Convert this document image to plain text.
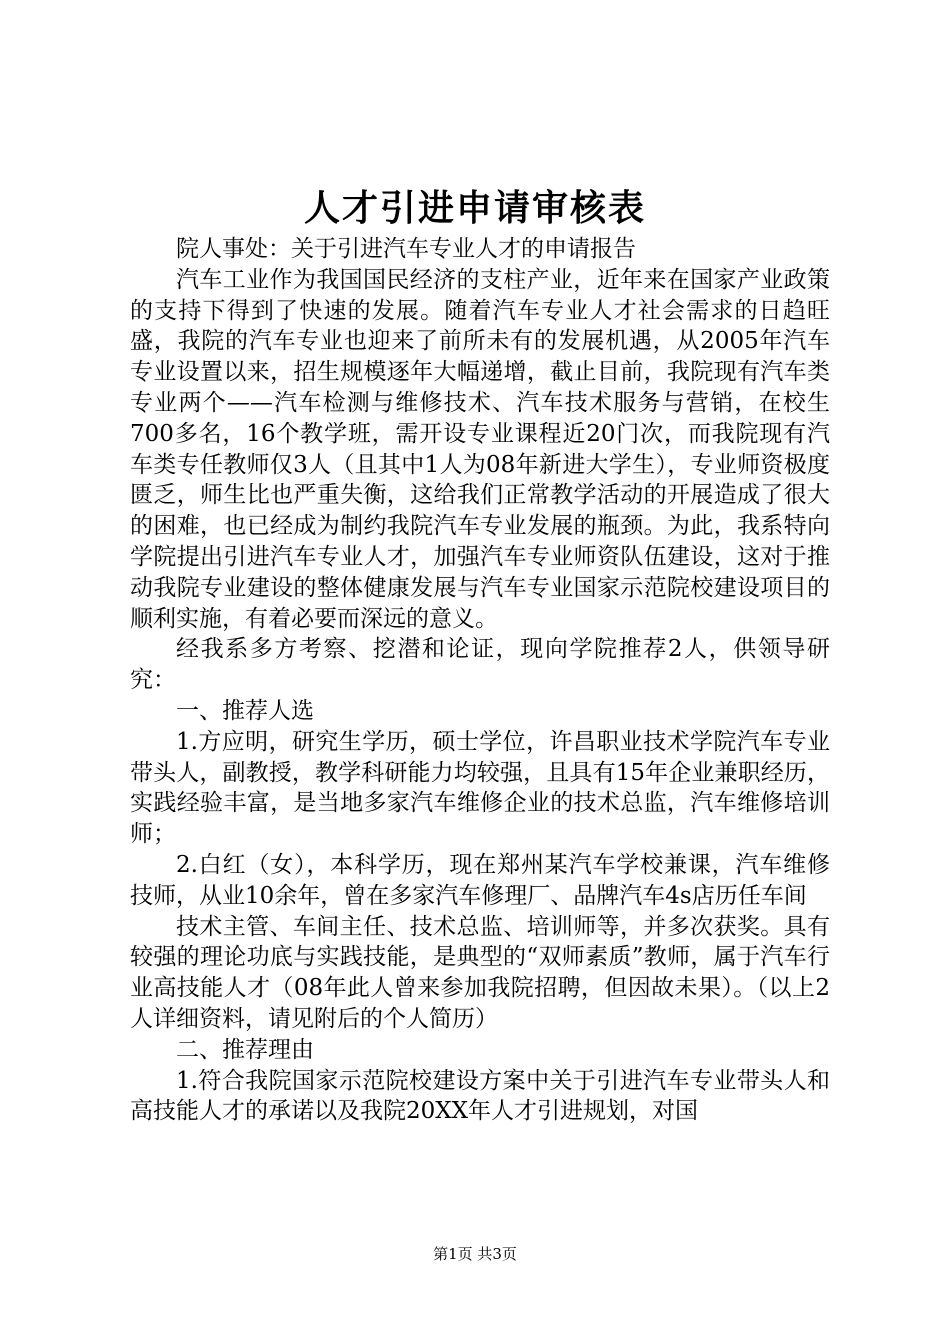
人才引进申请审核表

院人事处：关于引进汽车专业人才的申请报告

汽车工业作为我国国民经济的支柱产业，近年来在国家产业政策的支持下得到了快速的发展。随着汽车专业人才社会需求的日趋旺盛，我院的汽车专业也迎来了前所未有的发展机遇，从2005年汽车专业设置以来，招生规模逐年大幅递增，截止目前，我院现有汽车类专业两个——汽车检测与维修技术、汽车技术服务与营销，在校生700多名，16个教学班，需开设专业课程近20门次，而我院现有汽车类专任教师仅3人（且其中1人为08年新进大学生），专业师资极度匮乏，师生比也严重失衡，这给我们正常教学活动的开展造成了很大的困难，也已经成为制约我院汽车专业发展的瓶颈。为此，我系特向学院提出引进汽车专业人才，加强汽车专业师资队伍建设，这对于推动我院专业建设的整体健康发展与汽车专业国家示范院校建设项目的顺利实施，有着必要而深远的意义。

经我系多方考察、挖潜和论证，现向学院推荐2人，供领导研究：

一、推荐人选

1.方应明，研究生学历，硕士学位，许昌职业技术学院汽车专业带头人，副教授，教学科研能力均较强，且具有15年企业兼职经历，实践经验丰富，是当地多家汽车维修企业的技术总监，汽车维修培训师；

2.白红（女），本科学历，现在郑州某汽车学校兼课，汽车维修技师，从业10余年，曾在多家汽车修理厂、品牌汽车4s店历任车间

技术主管、车间主任、技术总监、培训师等，并多次获奖。具有较强的理论功底与实践技能，是典型的“双师素质”教师，属于汽车行业高技能人才（08年此人曾来参加我院招聘，但因故未果）。（以上2人详细资料，请见附后的个人简历）

二、推荐理由

1.符合我院国家示范院校建设方案中关于引进汽车专业带头人和高技能人才的承诺以及我院20XX年人才引进规划，对国

第1页 共3页
